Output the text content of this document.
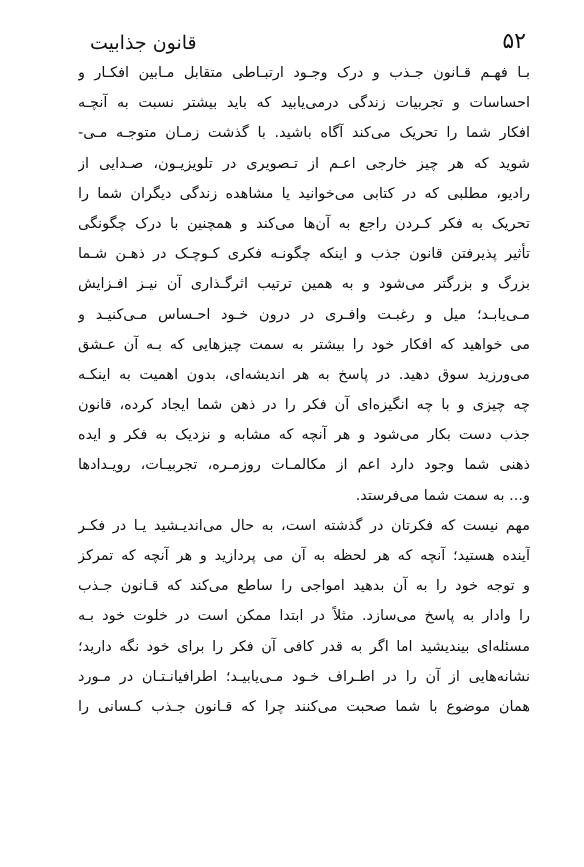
قانون جذابیت	۵۲
بـا فهـم قـانون جـذب و درک وجـود ارتبـاطی متقابل مـابین افکـار و
احساسات و تجربیات زندگی درمی‌یابید که باید بیشتر نسبت به آنچـه
افکار شما را تحریک می‌کند آگاه باشید. با گذشت زمـان متوجـه مـی-
شوید که هر چیز خارجی اعـم از تـصویری در تلویزیـون، صـدایی از
رادیو، مطلبی که در کتابی می‌خوانید یا مشاهده زندگی دیگران شما را
تحریک به فکر کـردن راجع به آن‌ها می‌کند و همچنین با درک چگونگی
تأثیر پذیرفتن قانون جذب و اینکه چگونـه فکری کـوچـک در ذهـن شـما
بزرگ و بزرگتر می‌شود و به همین ترتیب اثرگـذاری آن نیـز افـزایش
مـی‌یابـد؛ میل و رغبـت وافـری در درون خـود احـساس مـی‌کنیـد و
می خواهید که افکار خود را بیشتر به سمت چیزهایی که بـه آن عـشق
می‌ورزید سوق دهید. در پاسخ به هر اندیشه‌ای، بدون اهمیت به اینکـه
چه چیزی و با چه انگیزه‌ای آن فکر را در ذهن شما ایجاد کرده، قانون
جذب دست بکار می‌شود و هر آنچه که مشابه و نزدیک به فکر و ایده
ذهنی شما وجود دارد اعم از مکالمـات روزمـره، تجربیـات، رویـدادها
و... به سمت شما می‌فرستد.
مهم نیست که فکرتان در گذشته است، به حال می‌اندیـشید یـا در فکـر
آینده هستید؛ آنچه که هر لحظه به آن می پردازید و هر آنچه که تمرکز
و توجه خود را به آن بدهید امواجی را ساطع می‌کند که قـانون جـذب
را وادار به پاسخ می‌سازد. مثلاً در ابتدا ممکن است در خلوت خود بـه
مسئله‌ای بیندیشید اما اگر به قدر کافی آن فکر را برای خود نگه دارید؛
نشانه‌هایی از آن را در اطـراف خـود مـی‌یابیـد؛ اطرافیانـتـان در مـورد
همان موضوع با شما صحبت می‌کنند چرا که قـانون جـذب کـسانی را
